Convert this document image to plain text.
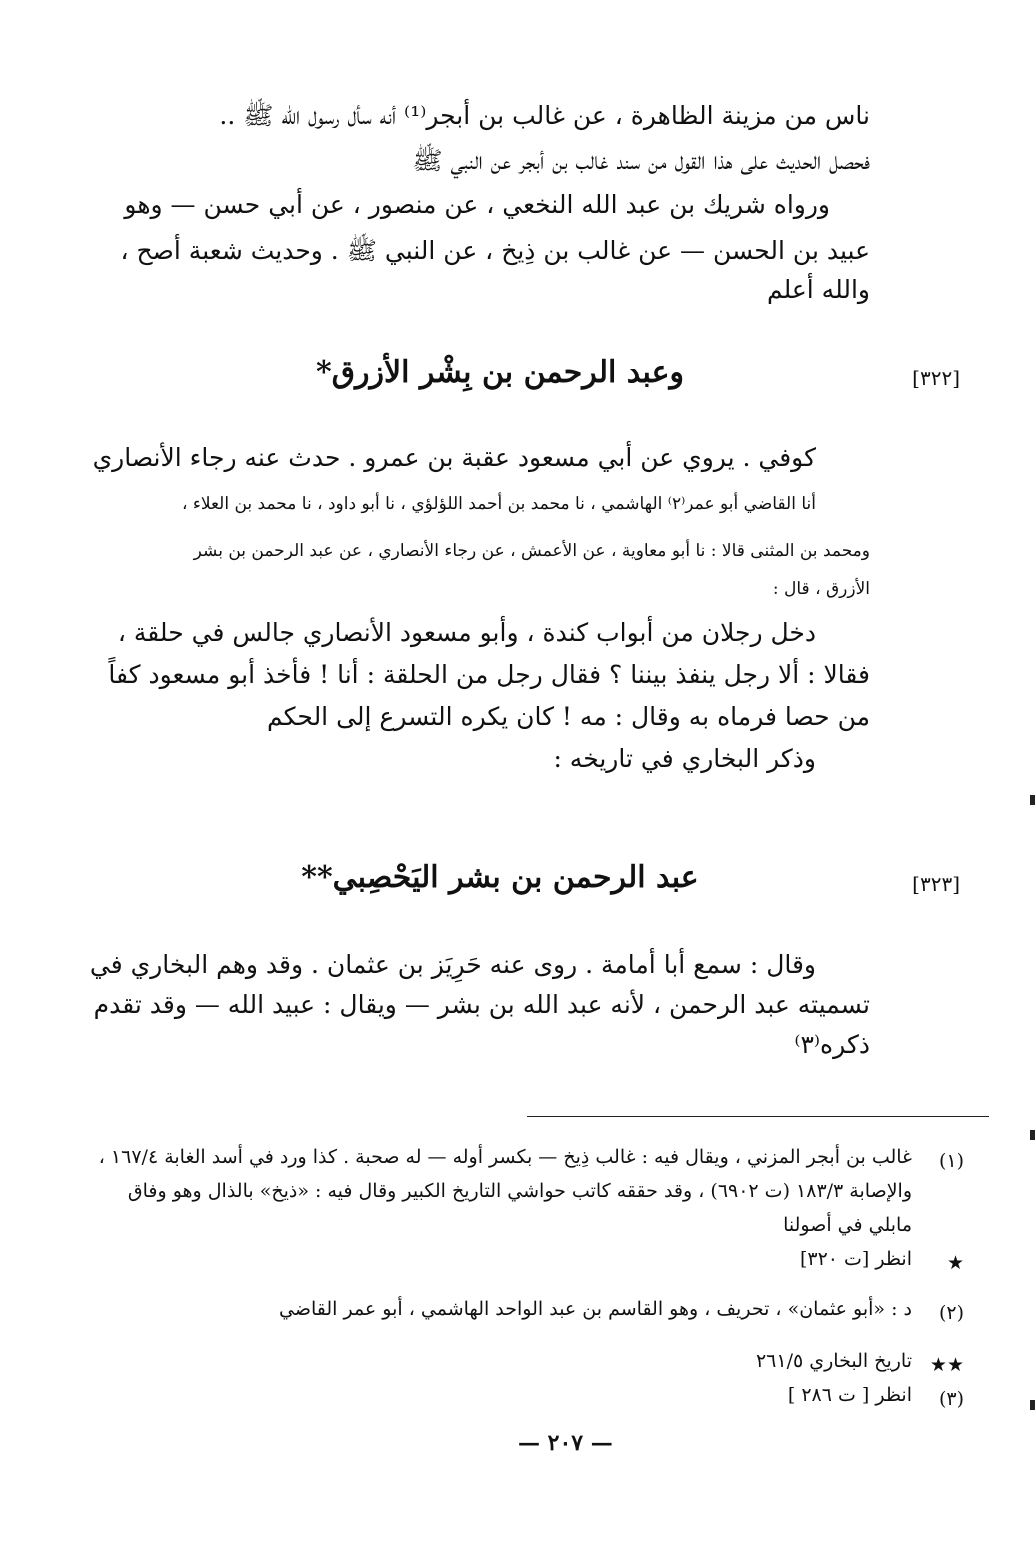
ناس من مزينة الظاهرة ، عن غالب بن أبجر⁽¹⁾ أنه سأل رسول الله ﷺ ..
فحصل الحديث على هذا القول من سند غالب بن أبجر عن النبي ﷺ
ورواه شريك بن عبد الله النخعي ، عن منصور ، عن أبي حسن — وهو
عبيد بن الحسن — عن غالب بن ذِيخ ، عن النبي ﷺ . وحديث شعبة أصح ،
والله أعلم
[٣٢٢]
وعبد الرحمن بن بِشْر الأزرق*
كوفي . يروي عن أبي مسعود عقبة بن عمرو . حدث عنه رجاء الأنصاري
أنا القاضي أبو عمر⁽٢⁾ الهاشمي ، نا محمد بن أحمد اللؤلؤي ، نا أبو داود ، نا محمد بن العلاء ،
ومحمد بن المثنى قالا : نا أبو معاوية ، عن الأعمش ، عن رجاء الأنصاري ، عن عبد الرحمن بن بشر
الأزرق ، قال :
دخل رجلان من أبواب كندة ، وأبو مسعود الأنصاري جالس في حلقة ،
فقالا : ألا رجل ينفذ بيننا ؟ فقال رجل من الحلقة : أنا ! فأخذ أبو مسعود كفاً
من حصا فرماه به وقال : مه ! كان يكره التسرع إلى الحكم
وذكر البخاري في تاريخه :
[٣٢٣]
عبد الرحمن بن بشر اليَحْصِبي**
وقال : سمع أبا أمامة . روى عنه حَرِيَز بن عثمان . وقد وهم البخاري في
تسميته عبد الرحمن ، لأنه عبد الله بن بشر — ويقال : عبيد الله — وقد تقدم
ذكره⁽٣⁾
(١)
غالب بن أبجر المزني ، ويقال فيه : غالب ذِيخ — بكسر أوله — له صحبة . كذا ورد في أسد الغابة ١٦٧/٤ ،
والإصابة ١٨٣/٣ (ت ٦٩٠٢) ، وقد حققه كاتب حواشي التاريخ الكبير وقال فيه : «ذيخ» بالذال وهو وفاق
مابلي في أصولنا
★
انظر [ت ٣٢٠]
(٢)
د : «أبو عثمان» ، تحريف ، وهو القاسم بن عبد الواحد الهاشمي ، أبو عمر القاضي
★★
تاريخ البخاري ٢٦١/٥
(٣)
انظر [ ت ٢٨٦ ]
— ٢٠٧ —
